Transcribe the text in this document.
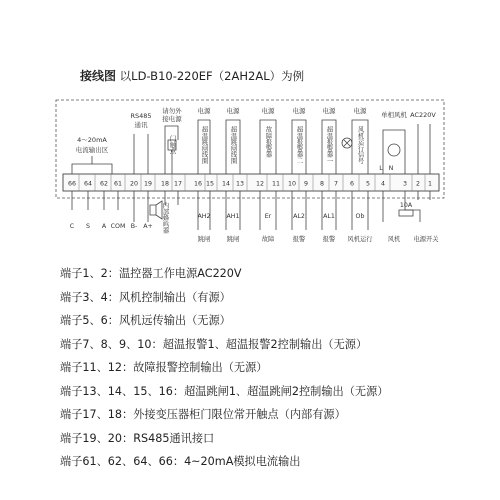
接线图 以LD-B10-220EF（2AH2AL）为例
66 64 62 61 20 19 18 17 16 15 14 13 12 11 10 9 8 7 6 5 4	3 2 1
4～20mA
电流输出区
RS485
通讯
请勿外
接电源
电源 电源	电源	电源	电源	电源 单相风机 AC220V
门触点	超温跳闸线圈	超温跳闸线圈	故障报警器	超温报警器二	超温报警器一	风机运行信号
内部蜂鸣器
C S A COM B- A+
AH2	AH1	Er	AL2	AL1	Ob
跳闸	跳闸	故障	报警	报警 风机运行 风机 电源开关
L N
10A
端子1、2：温控器工作电源AC220V
端子3、4：风机控制输出（有源）
端子5、6：风机远传输出（无源）
端子7、8、9、10：超温报警1、超温报警2控制输出（无源）
端子11、12：故障报警控制输出（无源）
端子13、14、15、16：超温跳闸1、超温跳闸2控制输出（无源）
端子17、18：外接变压器柜门限位常开触点（内部有源）
端子19、20：RS485通讯接口
端子61、62、64、66：4~20mA模拟电流输出
